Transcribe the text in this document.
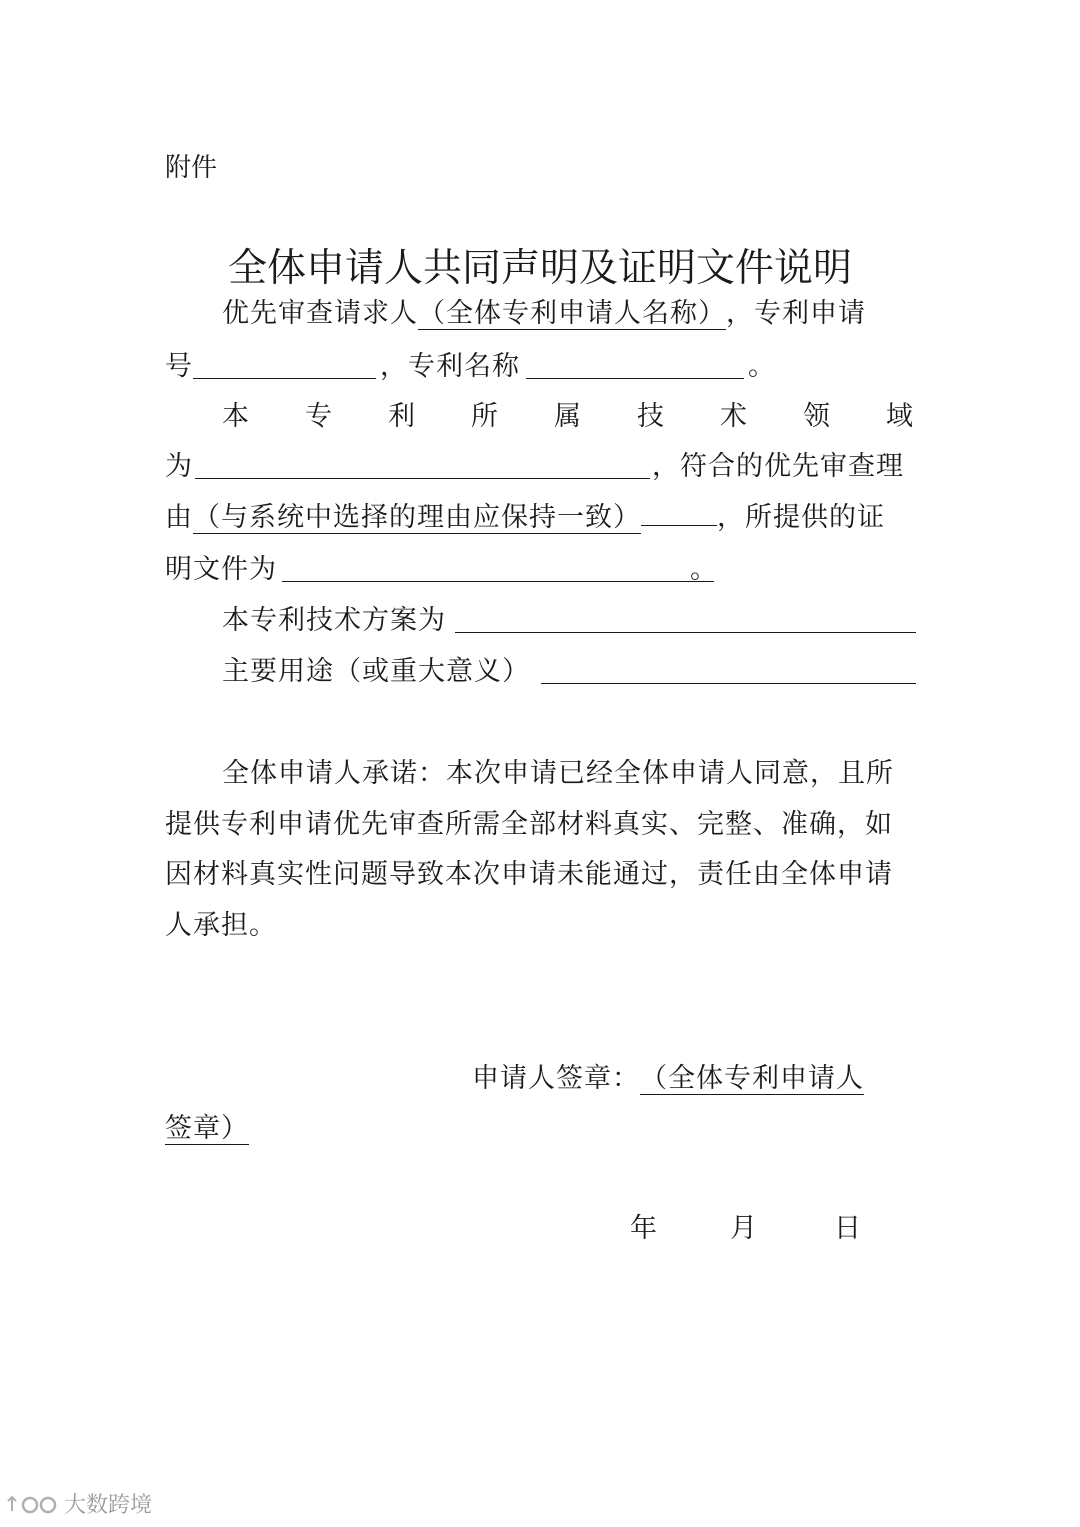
附件
全体申请人共同声明及证明文件说明
优先审查请求人（全体专利申请人名称），专利申请
号	，专利名称	。
本 专 利 所 属 技 术 领 域
为	，符合的优先审查理
由（与系统中选择的理由应保持一致）	，所提供的证
明文件为	。
本专利技术方案为
主要用途（或重大意义）
全体申请人承诺：本次申请已经全体申请人同意，且所
提供专利申请优先审查所需全部材料真实、完整、准确，如
因材料真实性问题导致本次申请未能通过，责任由全体申请
人承担。
申请人签章：（全体专利申请人
签章）
年	月	日
大数跨境
